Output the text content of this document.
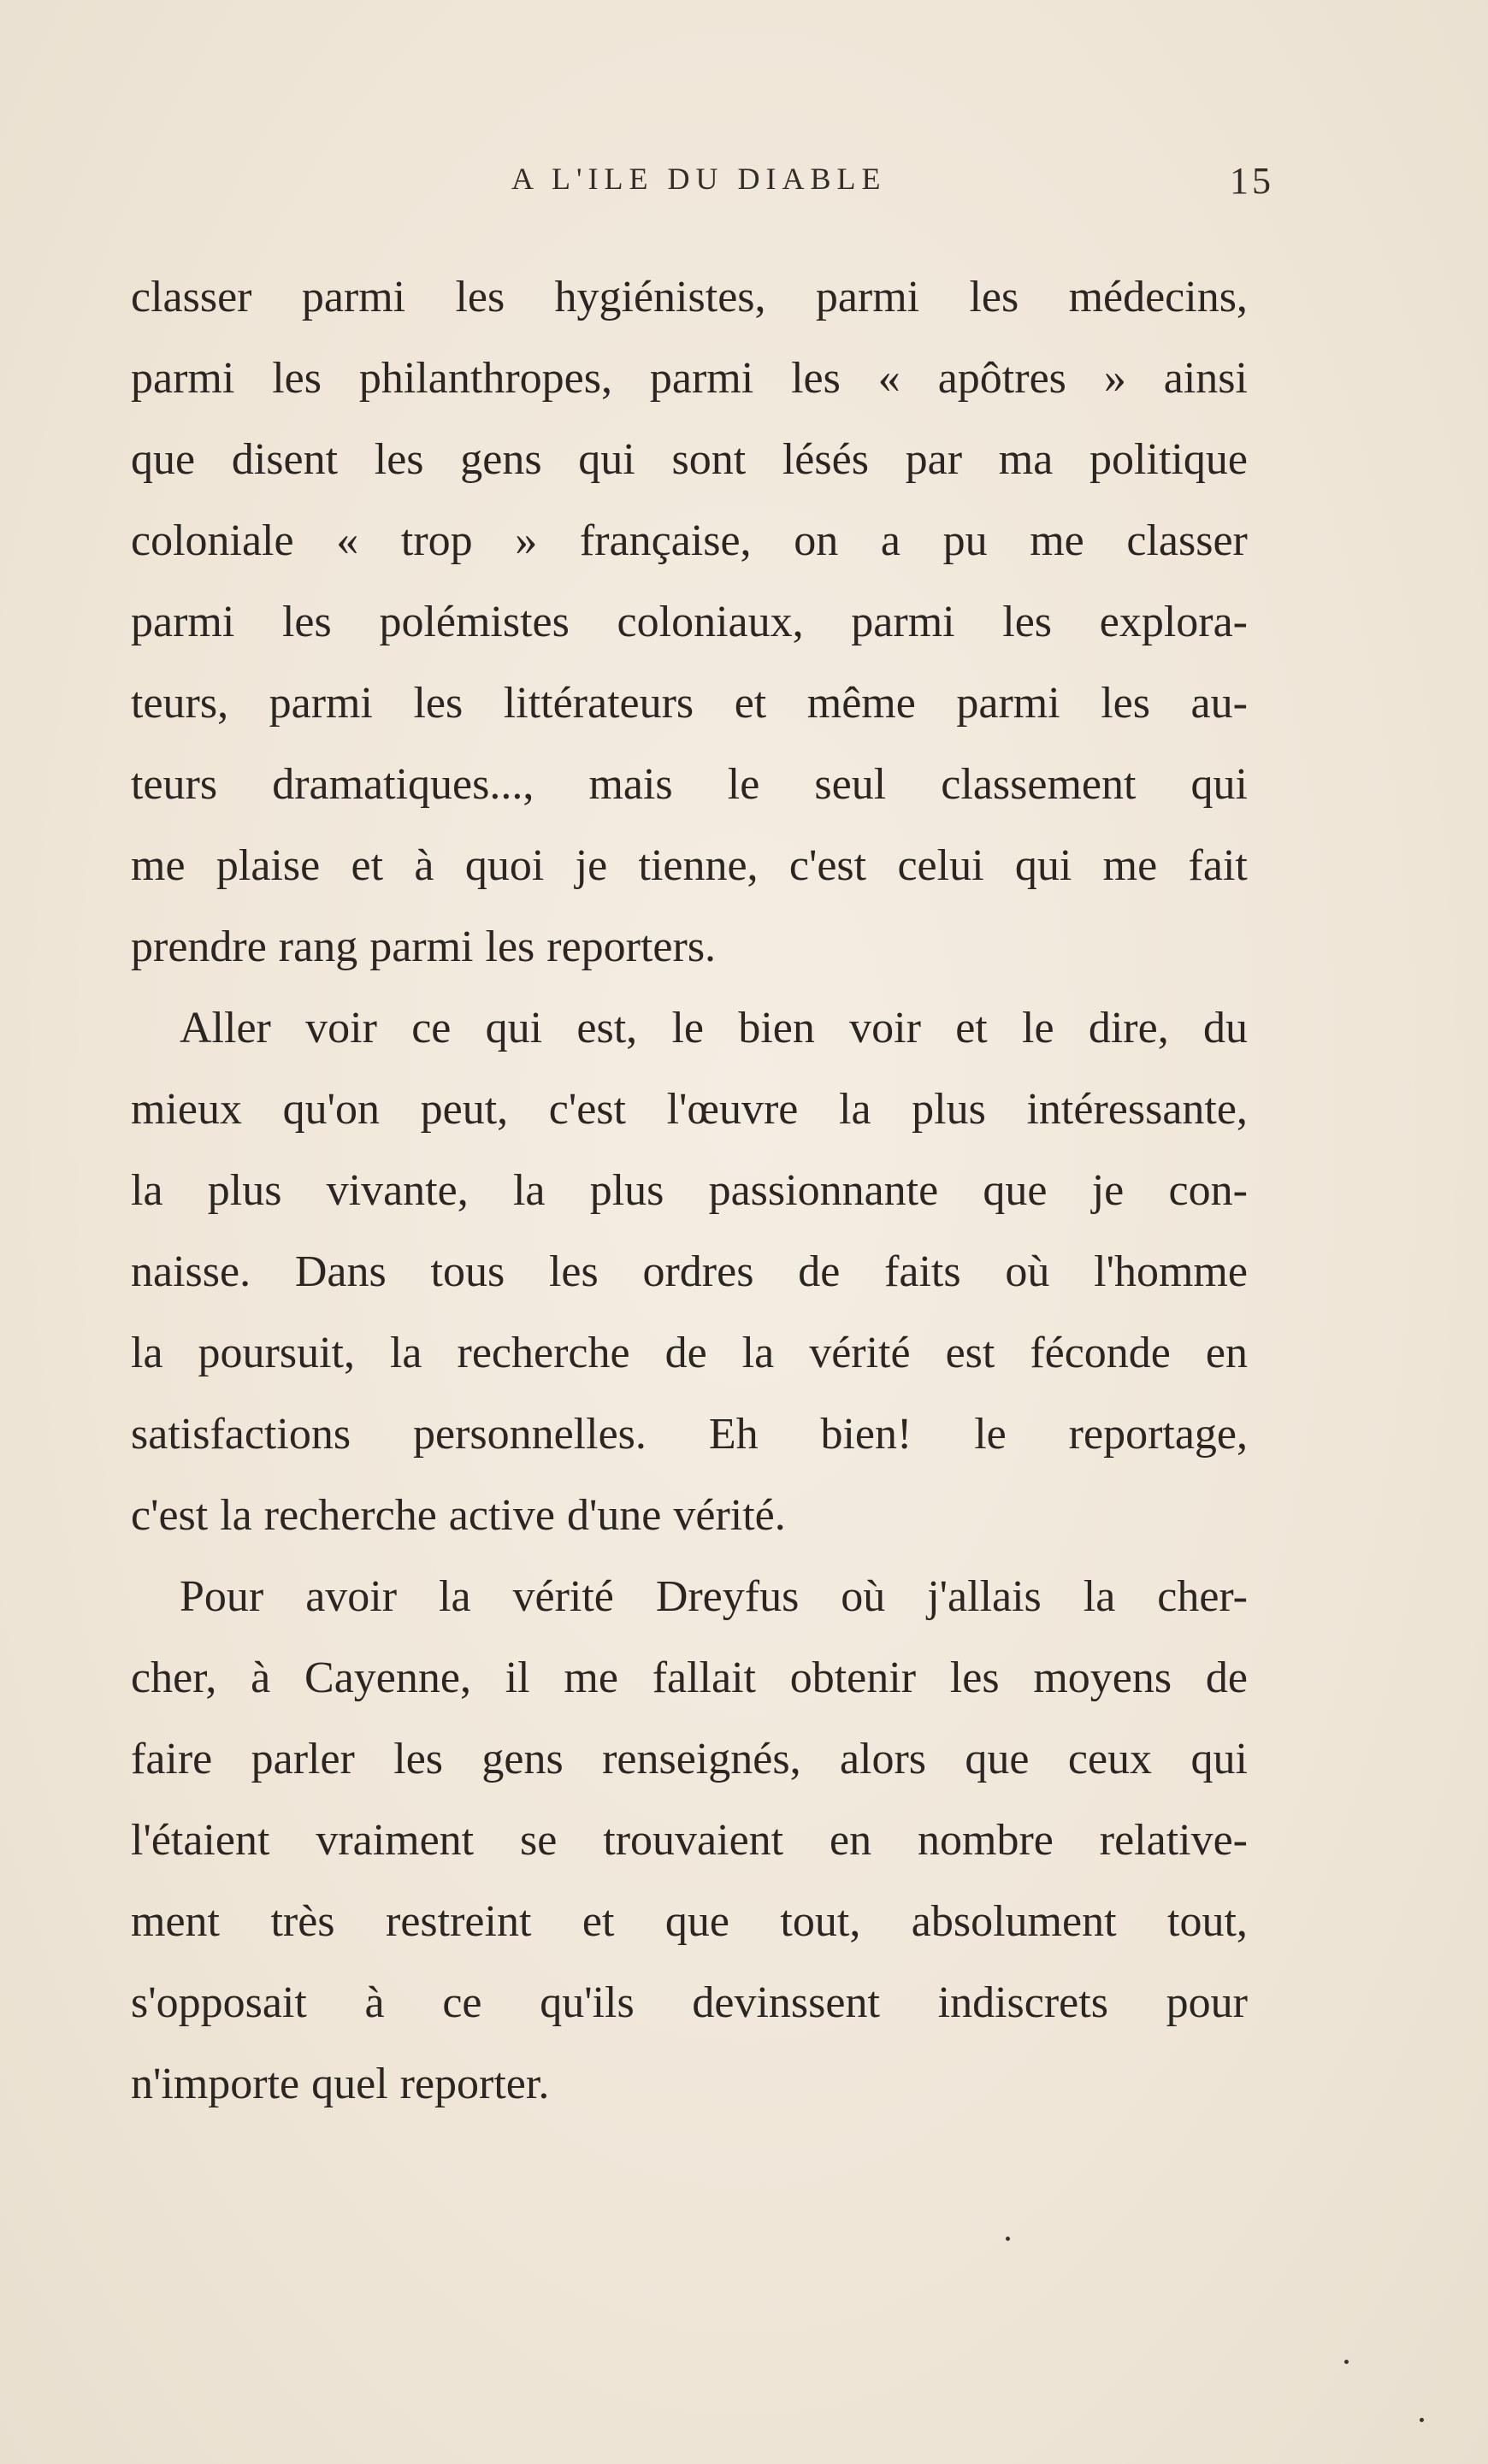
A L'ILE DU DIABLE	15
classer parmi les hygiénistes, parmi les médecins,
parmi les philanthropes, parmi les « apôtres » ainsi
que disent les gens qui sont lésés par ma politique
coloniale « trop » française, on a pu me classer
parmi les polémistes coloniaux, parmi les explora-
teurs, parmi les littérateurs et même parmi les au-
teurs dramatiques..., mais le seul classement qui
me plaise et à quoi je tienne, c'est celui qui me fait
prendre rang parmi les reporters.
Aller voir ce qui est, le bien voir et le dire, du
mieux qu'on peut, c'est l'œuvre la plus intéressante,
la plus vivante, la plus passionnante que je con-
naisse. Dans tous les ordres de faits où l'homme
la poursuit, la recherche de la vérité est féconde en
satisfactions personnelles. Eh bien! le reportage,
c'est la recherche active d'une vérité.
Pour avoir la vérité Dreyfus où j'allais la cher-
cher, à Cayenne, il me fallait obtenir les moyens de
faire parler les gens renseignés, alors que ceux qui
l'étaient vraiment se trouvaient en nombre relative-
ment très restreint et que tout, absolument tout,
s'opposait à ce qu'ils devinssent indiscrets pour
n'importe quel reporter.
